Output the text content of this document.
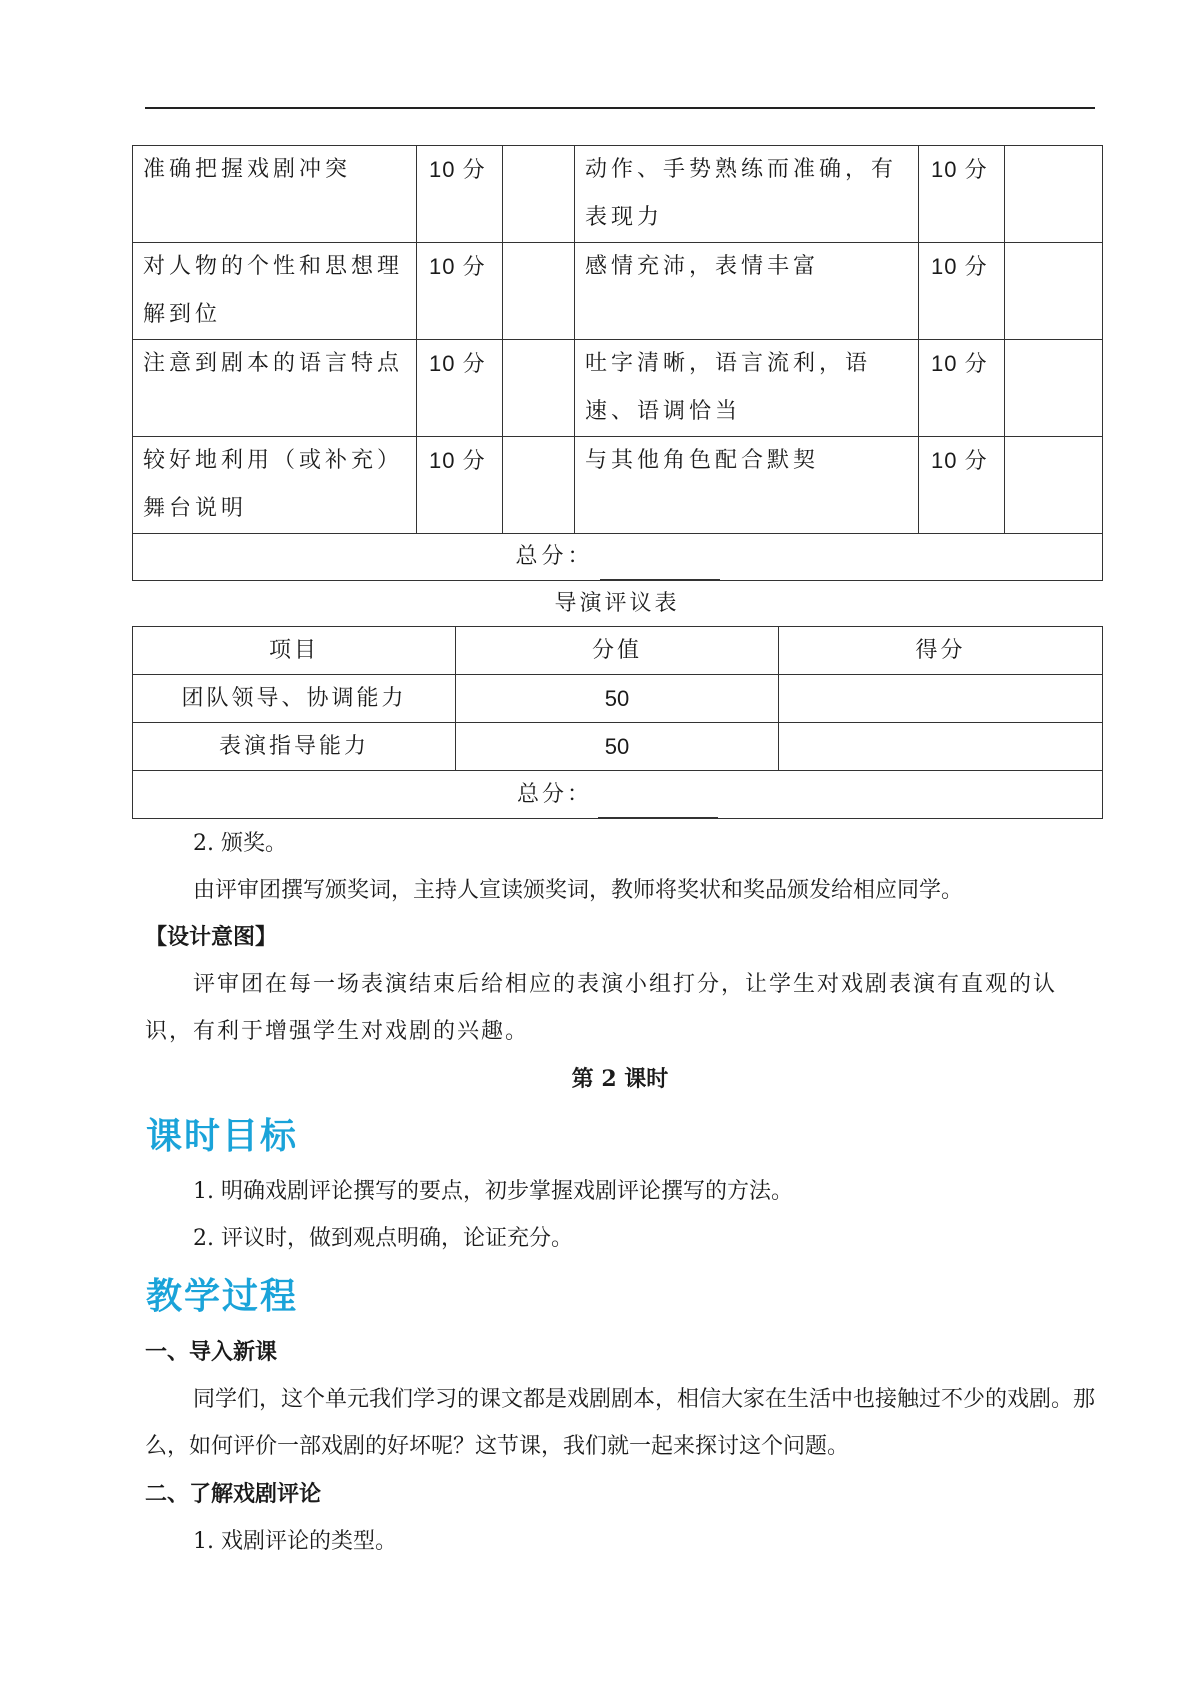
准确把握戏剧冲突	10 分		动作、手势熟练而准确，有表现力	10 分	
对人物的个性和思想理解到位	10 分		感情充沛，表情丰富	10 分	
注意到剧本的语言特点	10 分		吐字清晰，语言流利，语速、语调恰当	10 分	
较好地利用（或补充）舞台说明	10 分		与其他角色配合默契	10 分	
总分：					
导演评议表
项目	分值	得分
团队领导、协调能力	50	
表演指导能力	50	
总分：		
2. 颁奖。
由评审团撰写颁奖词，主持人宣读颁奖词，教师将奖状和奖品颁发给相应同学。
【设计意图】
评审团在每一场表演结束后给相应的表演小组打分，让学生对戏剧表演有直观的认识，有利于增强学生对戏剧的兴趣。
第 2 课时
课时目标
1. 明确戏剧评论撰写的要点，初步掌握戏剧评论撰写的方法。
2. 评议时，做到观点明确，论证充分。
教学过程
一、导入新课
同学们，这个单元我们学习的课文都是戏剧剧本，相信大家在生活中也接触过不少的戏剧。那么，如何评价一部戏剧的好坏呢？这节课，我们就一起来探讨这个问题。
二、了解戏剧评论
1. 戏剧评论的类型。
